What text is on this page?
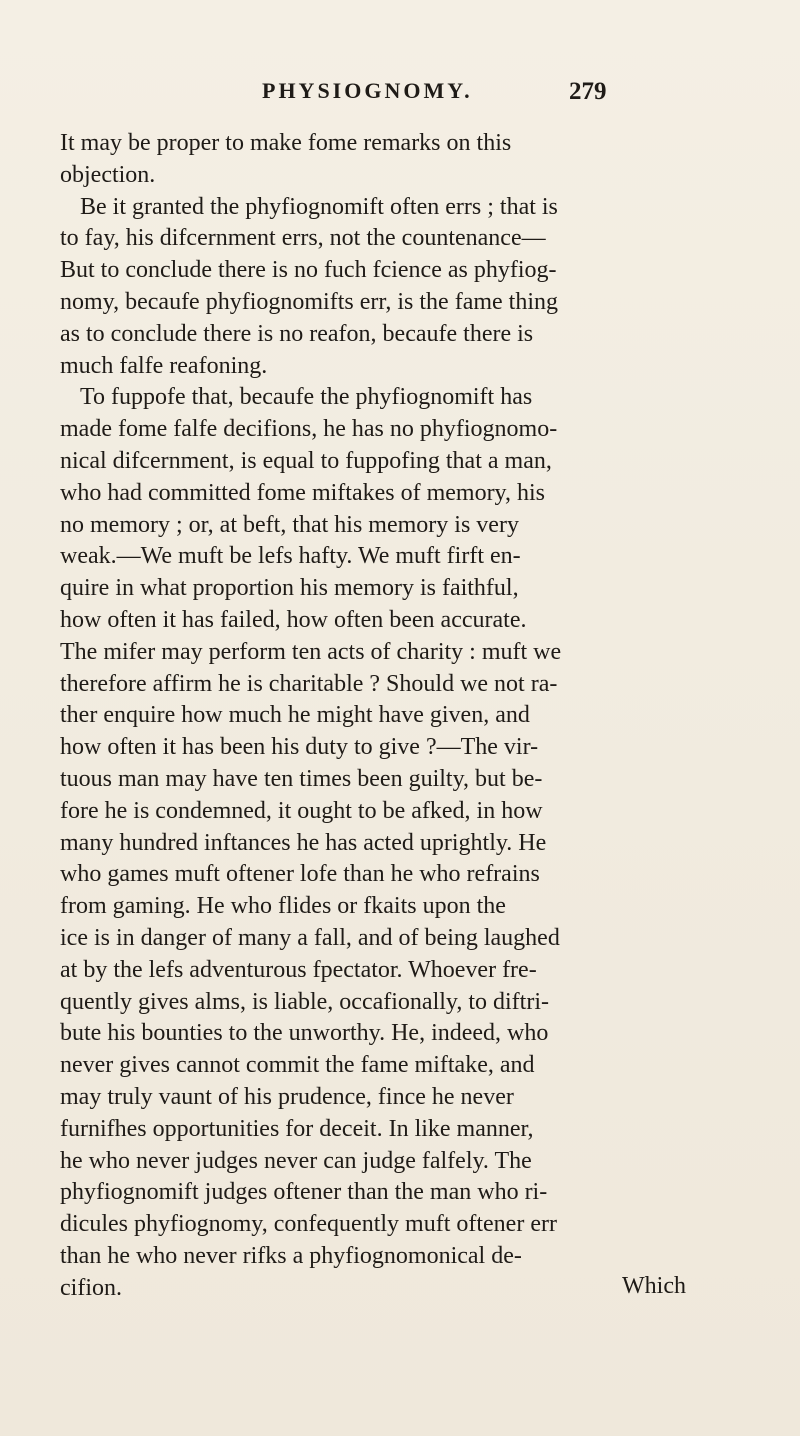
PHYSIOGNOMY.	279
It may be proper to make fome remarks on this
objection.
Be it granted the phyfiognomift often errs ; that is
to fay, his difcernment errs, not the countenance—
But to conclude there is no fuch fcience as phyfiog-
nomy, becaufe phyfiognomifts err, is the fame thing
as to conclude there is no reafon, becaufe there is
much falfe reafoning.
To fuppofe that, becaufe the phyfiognomift has
made fome falfe decifions, he has no phyfiognomo-
nical difcernment, is equal to fuppofing that a man,
who had committed fome miftakes of memory, his
no memory ; or, at beft, that his memory is very
weak.—We muft be lefs hafty. We muft firft en-
quire in what proportion his memory is faithful,
how often it has failed, how often been accurate.
The mifer may perform ten acts of charity : muft we
therefore affirm he is charitable ? Should we not ra-
ther enquire how much he might have given, and
how often it has been his duty to give ?—The vir-
tuous man may have ten times been guilty, but be-
fore he is condemned, it ought to be afked, in how
many hundred inftances he has acted uprightly. He
who games muft oftener lofe than he who refrains
from gaming. He who flides or fkaits upon the
ice is in danger of many a fall, and of being laughed
at by the lefs adventurous fpectator. Whoever fre-
quently gives alms, is liable, occafionally, to diftri-
bute his bounties to the unworthy. He, indeed, who
never gives cannot commit the fame miftake, and
may truly vaunt of his prudence, fince he never
furnifhes opportunities for deceit. In like manner,
he who never judges never can judge falfely. The
phyfiognomift judges oftener than the man who ri-
dicules phyfiognomy, confequently muft oftener err
than he who never rifks a phyfiognomonical de-
cifion.	Which
